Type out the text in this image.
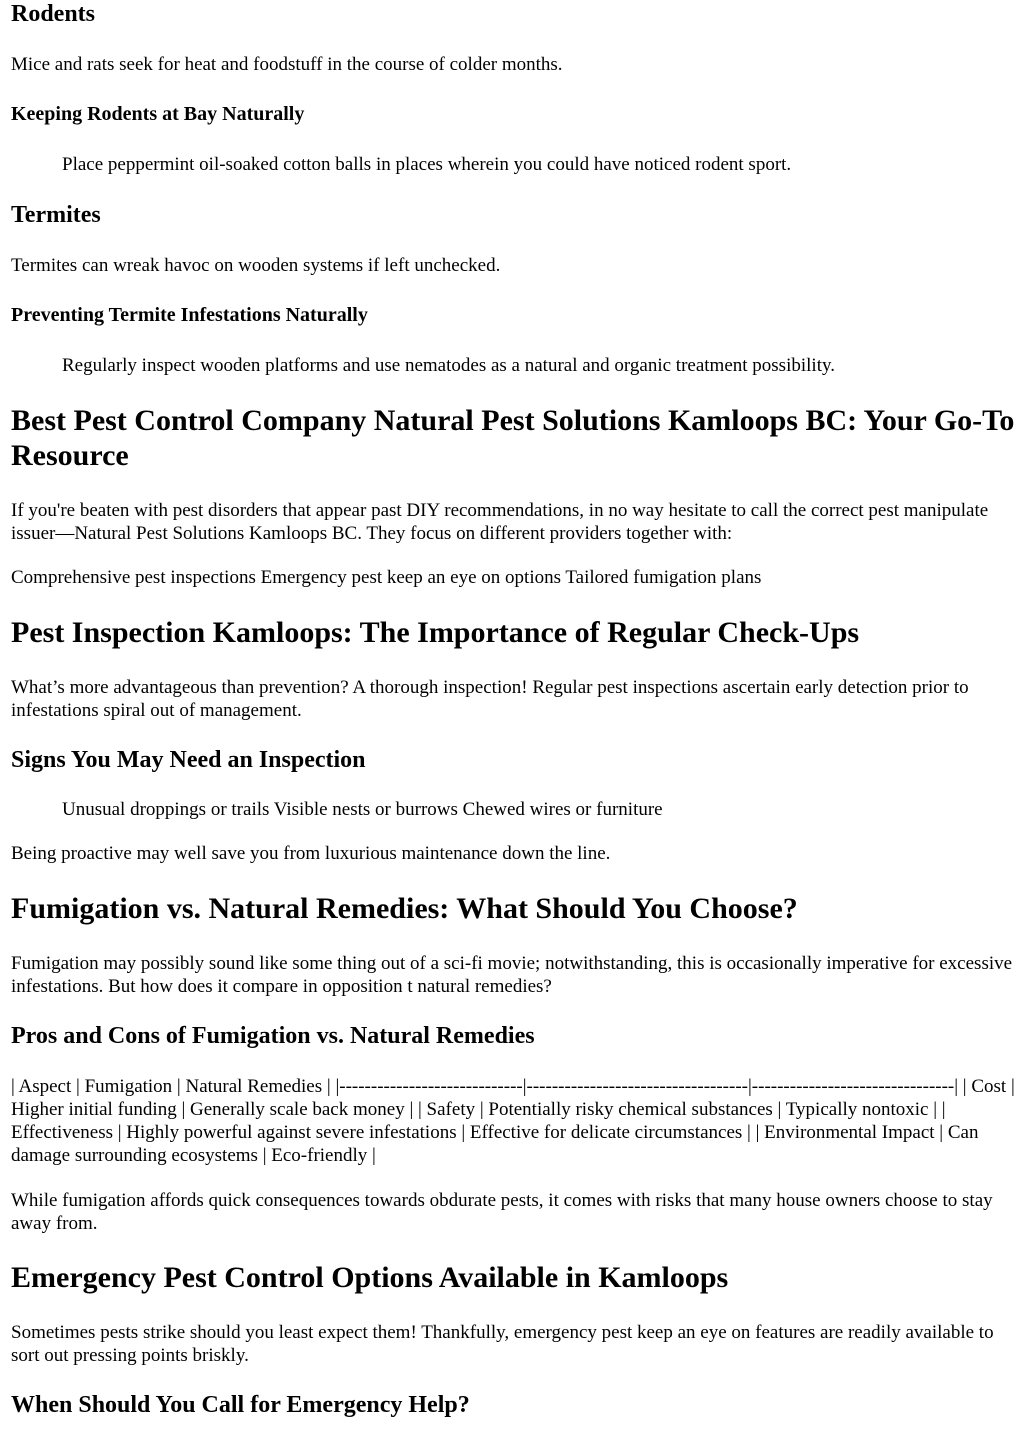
Rodents

Mice and rats seek for heat and foodstuff in the course of colder months.

Keeping Rodents at Bay Naturally

Place peppermint oil-soaked cotton balls in places wherein you could have noticed rodent sport.

Termites

Termites can wreak havoc on wooden systems if left unchecked.

Preventing Termite Infestations Naturally

Regularly inspect wooden platforms and use nematodes as a natural and organic treatment possibility.

Best Pest Control Company Natural Pest Solutions Kamloops BC: Your Go-To Resource

If you're beaten with pest disorders that appear past DIY recommendations, in no way hesitate to call the correct pest manipulate issuer—Natural Pest Solutions Kamloops BC. They focus on different providers together with:

Comprehensive pest inspections Emergency pest keep an eye on options Tailored fumigation plans

Pest Inspection Kamloops: The Importance of Regular Check-Ups

What’s more advantageous than prevention? A thorough inspection! Regular pest inspections ascertain early detection prior to infestations spiral out of management.

Signs You May Need an Inspection

Unusual droppings or trails Visible nests or burrows Chewed wires or furniture

Being proactive may well save you from luxurious maintenance down the line.

Fumigation vs. Natural Remedies: What Should You Choose?

Fumigation may possibly sound like some thing out of a sci-fi movie; notwithstanding, this is occasionally imperative for excessive infestations. But how does it compare in opposition t natural remedies?

Pros and Cons of Fumigation vs. Natural Remedies

| Aspect | Fumigation | Natural Remedies | |-----------------------------|-----------------------------------|--------------------------------| | Cost | Higher initial funding | Generally scale back money | | Safety | Potentially risky chemical substances | Typically nontoxic | | Effectiveness | Highly powerful against severe infestations | Effective for delicate circumstances | | Environmental Impact | Can damage surrounding ecosystems | Eco-friendly |

While fumigation affords quick consequences towards obdurate pests, it comes with risks that many house owners choose to stay away from.

Emergency Pest Control Options Available in Kamloops

Sometimes pests strike should you least expect them! Thankfully, emergency pest keep an eye on features are readily available to sort out pressing points briskly.

When Should You Call for Emergency Help?
